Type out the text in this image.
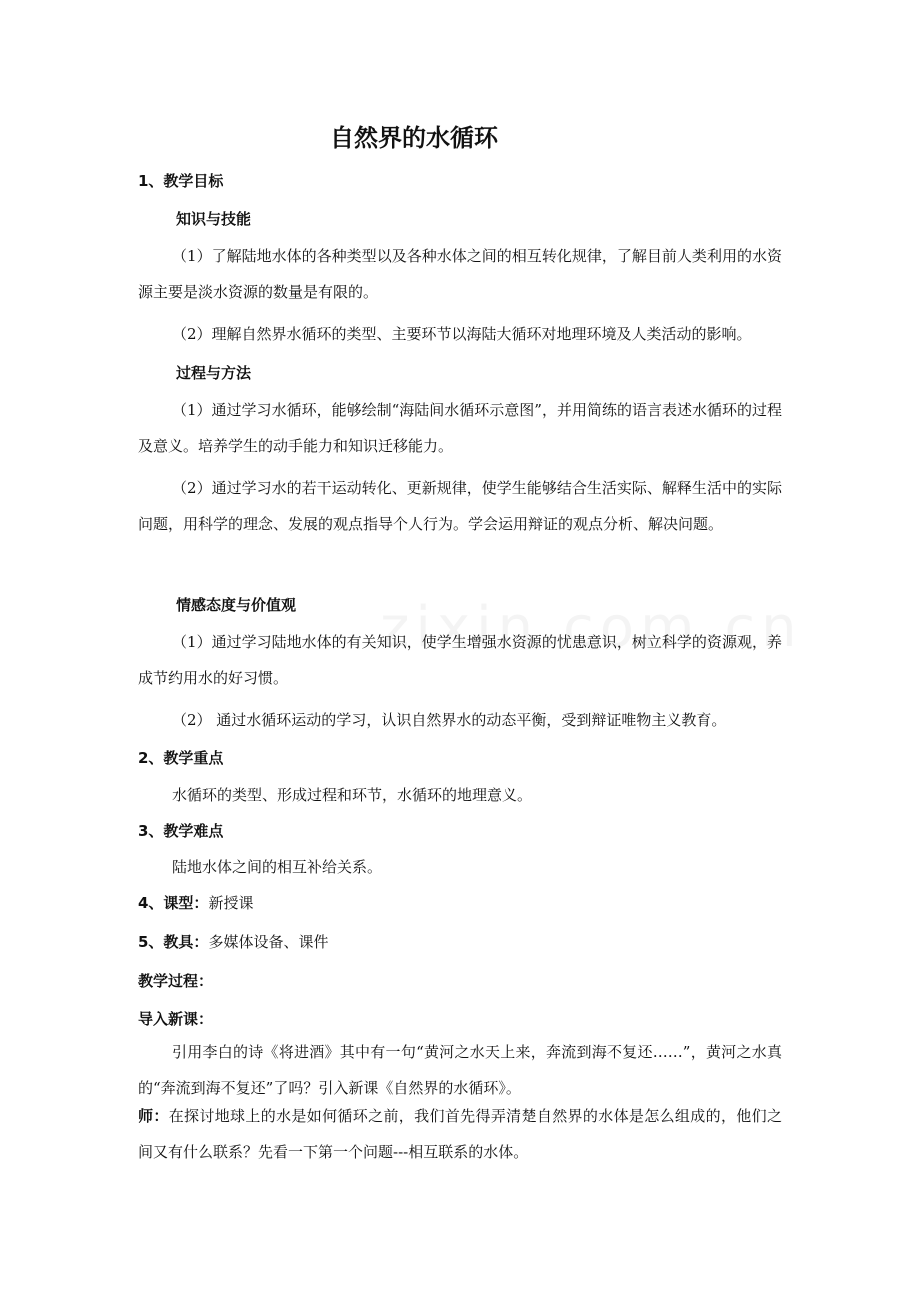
自然界的水循环
1、教学目标
知识与技能
（1）了解陆地水体的各种类型以及各种水体之间的相互转化规律，了解目前人类利用的水资源主要是淡水资源的数量是有限的。
（2）理解自然界水循环的类型、主要环节以海陆大循环对地理环境及人类活动的影响。
过程与方法
（1）通过学习水循环，能够绘制“海陆间水循环示意图”，并用简练的语言表述水循环的过程及意义。培养学生的动手能力和知识迁移能力。
（2）通过学习水的若干运动转化、更新规律，使学生能够结合生活实际、解释生活中的实际问题，用科学的理念、发展的观点指导个人行为。学会运用辩证的观点分析、解决问题。
情感态度与价值观
（1）通过学习陆地水体的有关知识，使学生增强水资源的忧患意识，树立科学的资源观，养成节约用水的好习惯。
（2） 通过水循环运动的学习，认识自然界水的动态平衡，受到辩证唯物主义教育。
2、教学重点
水循环的类型、形成过程和环节，水循环的地理意义。
3、教学难点
陆地水体之间的相互补给关系。
4、课型：新授课
5、教具：多媒体设备、课件
教学过程：
导入新课：
引用李白的诗《将进酒》其中有一句“黄河之水天上来，奔流到海不复还……”，黄河之水真的“奔流到海不复还”了吗？引入新课《自然界的水循环》。
师：在探讨地球上的水是如何循环之前，我们首先得弄清楚自然界的水体是怎么组成的，他们之间又有什么联系？先看一下第一个问题---相互联系的水体。
